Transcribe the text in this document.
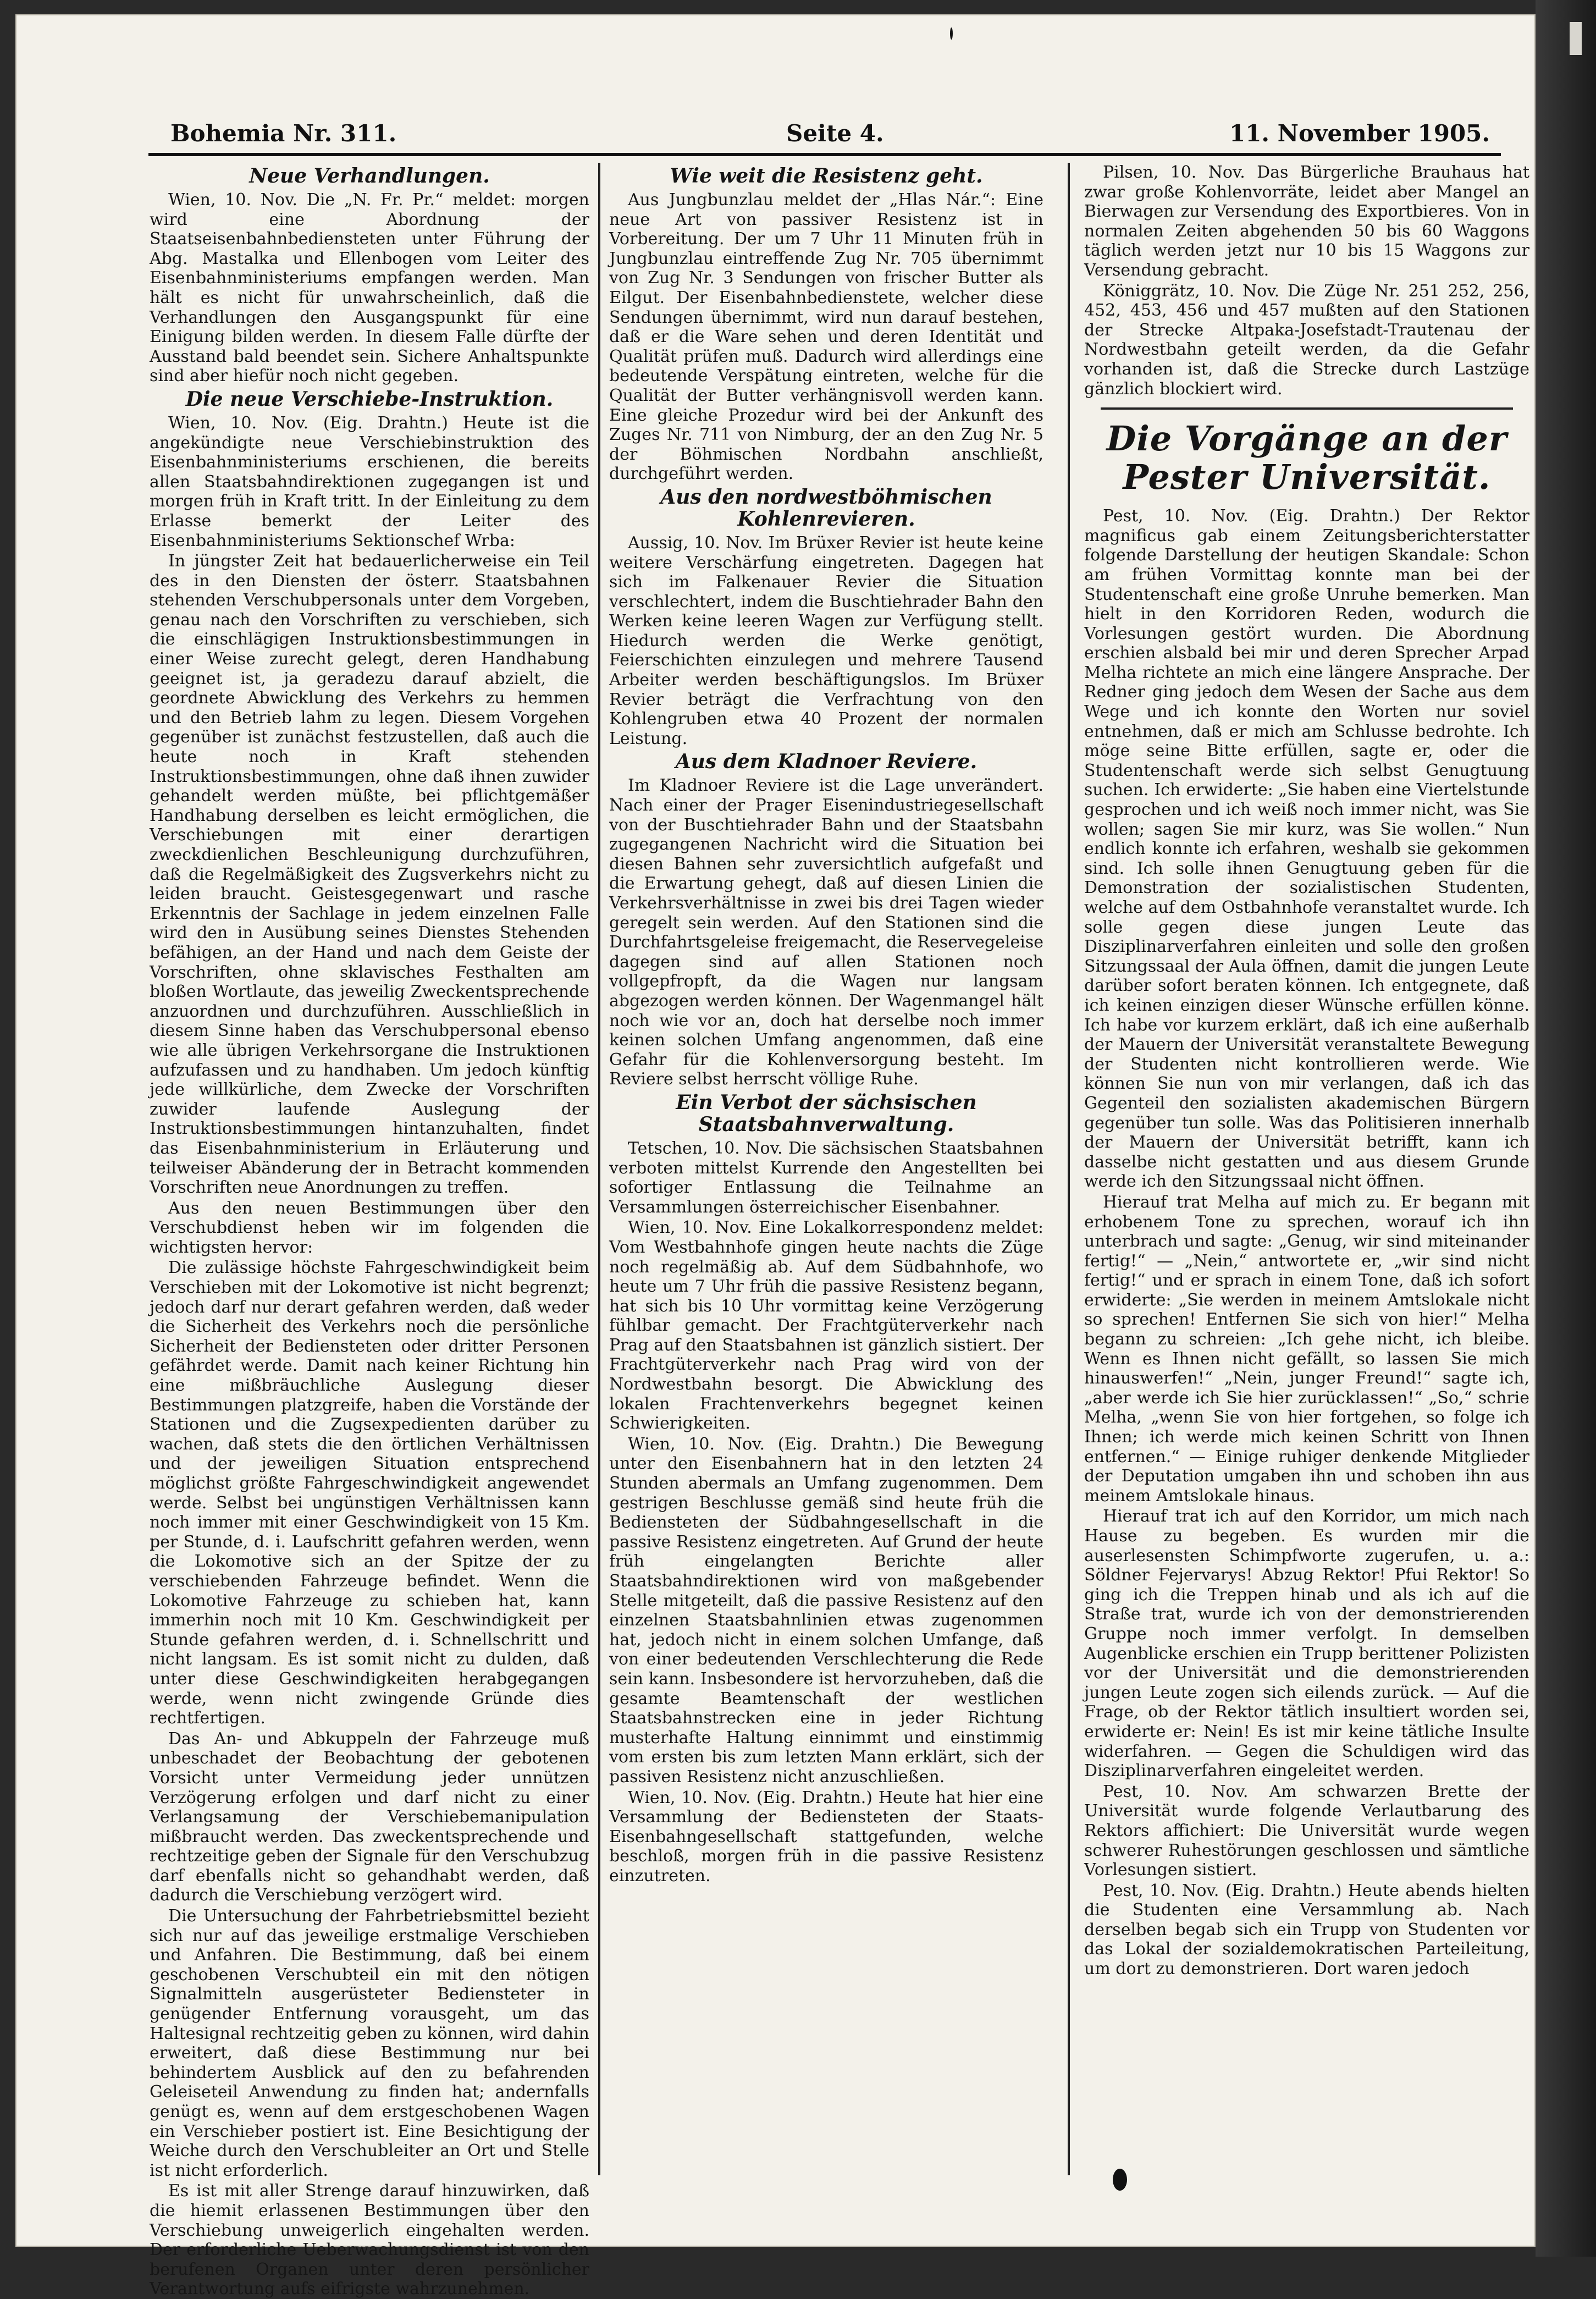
Bohemia Nr. 311.	Seite 4.	11. November 1905.
Neue Verhandlungen.

Wien, 10. Nov. Die „N. Fr. Pr.“ meldet: morgen wird eine Abordnung der Staatseisenbahnbediensteten unter Führung der Abg. Mastalka und Ellenbogen vom Leiter des Eisenbahnministeriums empfangen werden. Man hält es nicht für unwahrscheinlich, daß die Verhandlungen den Ausgangspunkt für eine Einigung bilden werden. In diesem Falle dürfte der Ausstand bald beendet sein. Sichere Anhaltspunkte sind aber hiefür noch nicht gegeben.

Die neue Verschiebe-Instruktion.

Wien, 10. Nov. (Eig. Drahtn.) Heute ist die angekündigte neue Verschiebinstruktion des Eisenbahnministeriums erschienen, die bereits allen Staatsbahndirektionen zugegangen ist und morgen früh in Kraft tritt. In der Einleitung zu dem Erlasse bemerkt der Leiter des Eisenbahnministeriums Sektionschef Wrba:

In jüngster Zeit hat bedauerlicherweise ein Teil des in den Diensten der österr. Staatsbahnen stehenden Verschubpersonals unter dem Vorgeben, genau nach den Vorschriften zu verschieben, sich die einschlägigen Instruktionsbestimmungen in einer Weise zurecht gelegt, deren Handhabung geeignet ist, ja geradezu darauf abzielt, die geordnete Abwicklung des Verkehrs zu hemmen und den Betrieb lahm zu legen. Diesem Vorgehen gegenüber ist zunächst festzustellen, daß auch die heute noch in Kraft stehenden Instruktionsbestimmungen, ohne daß ihnen zuwider gehandelt werden müßte, bei pflichtgemäßer Handhabung derselben es leicht ermöglichen, die Verschiebungen mit einer derartigen zweckdienlichen Beschleunigung durchzuführen, daß die Regelmäßigkeit des Zugsverkehrs nicht zu leiden braucht. Geistesgegenwart und rasche Erkenntnis der Sachlage in jedem einzelnen Falle wird den in Ausübung seines Dienstes Stehenden befähigen, an der Hand und nach dem Geiste der Vorschriften, ohne sklavisches Festhalten am bloßen Wortlaute, das jeweilig Zweckentsprechende anzuordnen und durchzuführen. Ausschließlich in diesem Sinne haben das Verschubpersonal ebenso wie alle übrigen Verkehrsorgane die Instruktionen aufzufassen und zu handhaben. Um jedoch künftig jede willkürliche, dem Zwecke der Vorschriften zuwider laufende Auslegung der Instruktionsbestimmungen hintanzuhalten, findet das Eisenbahnministerium in Erläuterung und teilweiser Abänderung der in Betracht kommenden Vorschriften neue Anordnungen zu treffen.

Aus den neuen Bestimmungen über den Verschubdienst heben wir im folgenden die wichtigsten hervor:

Die zulässige höchste Fahrgeschwindigkeit beim Verschieben mit der Lokomotive ist nicht begrenzt; jedoch darf nur derart gefahren werden, daß weder die Sicherheit des Verkehrs noch die persönliche Sicherheit der Bediensteten oder dritter Personen gefährdet werde. Damit nach keiner Richtung hin eine mißbräuchliche Auslegung dieser Bestimmungen platzgreife, haben die Vorstände der Stationen und die Zugsexpedienten darüber zu wachen, daß stets die den örtlichen Verhältnissen und der jeweiligen Situation entsprechend möglichst größte Fahrgeschwindigkeit angewendet werde. Selbst bei ungünstigen Verhältnissen kann noch immer mit einer Geschwindigkeit von 15 Km. per Stunde, d. i. Laufschritt gefahren werden, wenn die Lokomotive sich an der Spitze der zu verschiebenden Fahrzeuge befindet. Wenn die Lokomotive Fahrzeuge zu schieben hat, kann immerhin noch mit 10 Km. Geschwindigkeit per Stunde gefahren werden, d. i. Schnellschritt und nicht langsam. Es ist somit nicht zu dulden, daß unter diese Geschwindigkeiten herabgegangen werde, wenn nicht zwingende Gründe dies rechtfertigen.

Das An- und Abkuppeln der Fahrzeuge muß unbeschadet der Beobachtung der gebotenen Vorsicht unter Vermeidung jeder unnützen Verzögerung erfolgen und darf nicht zu einer Verlangsamung der Verschiebemanipulation mißbraucht werden. Das zweckentsprechende und rechtzeitige geben der Signale für den Verschubzug darf ebenfalls nicht so gehandhabt werden, daß dadurch die Verschiebung verzögert wird.

Die Untersuchung der Fahrbetriebsmittel bezieht sich nur auf das jeweilige erstmalige Verschieben und Anfahren. Die Bestimmung, daß bei einem geschobenen Verschubteil ein mit den nötigen Signalmitteln ausgerüsteter Bediensteter in genügender Entfernung vorausgeht, um das Haltesignal rechtzeitig geben zu können, wird dahin erweitert, daß diese Bestimmung nur bei behindertem Ausblick auf den zu befahrenden Geleiseteil Anwendung zu finden hat; andernfalls genügt es, wenn auf dem erstgeschobenen Wagen ein Verschieber postiert ist. Eine Besichtigung der Weiche durch den Verschubleiter an Ort und Stelle ist nicht erforderlich.

Es ist mit aller Strenge darauf hinzuwirken, daß die hiemit erlassenen Bestimmungen über den Verschiebung unweigerlich eingehalten werden. Der erforderliche Ueberwachungsdienst ist von den berufenen Organen unter deren persönlicher Verantwortung aufs eifrigste wahrzunehmen.

Wie weit die Resistenz geht.

Aus Jungbunzlau meldet der „Hlas Nár.“: Eine neue Art von passiver Resistenz ist in Vorbereitung. Der um 7 Uhr 11 Minuten früh in Jungbunzlau eintreffende Zug Nr. 705 übernimmt von Zug Nr. 3 Sendungen von frischer Butter als Eilgut. Der Eisenbahnbedienstete, welcher diese Sendungen übernimmt, wird nun darauf bestehen, daß er die Ware sehen und deren Identität und Qualität prüfen muß. Dadurch wird allerdings eine bedeutende Verspätung eintreten, welche für die Qualität der Butter verhängnisvoll werden kann. Eine gleiche Prozedur wird bei der Ankunft des Zuges Nr. 711 von Nimburg, der an den Zug Nr. 5 der Böhmischen Nordbahn anschließt, durchgeführt werden.

Aus den nordwestböhmischen Kohlenrevieren.

Aussig, 10. Nov. Im Brüxer Revier ist heute keine weitere Verschärfung eingetreten. Dagegen hat sich im Falkenauer Revier die Situation verschlechtert, indem die Buschtiehrader Bahn den Werken keine leeren Wagen zur Verfügung stellt. Hiedurch werden die Werke genötigt, Feierschichten einzulegen und mehrere Tausend Arbeiter werden beschäftigungslos. Im Brüxer Revier beträgt die Verfrachtung von den Kohlengruben etwa 40 Prozent der normalen Leistung.

Aus dem Kladnoer Reviere.

Im Kladnoer Reviere ist die Lage unverändert. Nach einer der Prager Eisenindustriegesellschaft von der Buschtiehrader Bahn und der Staatsbahn zugegangenen Nachricht wird die Situation bei diesen Bahnen sehr zuversichtlich aufgefaßt und die Erwartung gehegt, daß auf diesen Linien die Verkehrsverhältnisse in zwei bis drei Tagen wieder geregelt sein werden. Auf den Stationen sind die Durchfahrtsgeleise freigemacht, die Reservegeleise dagegen sind auf allen Stationen noch vollgepfropft, da die Wagen nur langsam abgezogen werden können. Der Wagenmangel hält noch wie vor an, doch hat derselbe noch immer keinen solchen Umfang angenommen, daß eine Gefahr für die Kohlenversorgung besteht. Im Reviere selbst herrscht völlige Ruhe.

Ein Verbot der sächsischen Staatsbahnverwaltung.

Tetschen, 10. Nov. Die sächsischen Staatsbahnen verboten mittelst Kurrende den Angestellten bei sofortiger Entlassung die Teilnahme an Versammlungen österreichischer Eisenbahner.

Wien, 10. Nov. Eine Lokalkorrespondenz meldet: Vom Westbahnhofe gingen heute nachts die Züge noch regelmäßig ab. Auf dem Südbahnhofe, wo heute um 7 Uhr früh die passive Resistenz begann, hat sich bis 10 Uhr vormittag keine Verzögerung fühlbar gemacht. Der Frachtgüterverkehr nach Prag auf den Staatsbahnen ist gänzlich sistiert. Der Frachtgüterverkehr nach Prag wird von der Nordwestbahn besorgt. Die Abwicklung des lokalen Frachtenverkehrs begegnet keinen Schwierigkeiten.

Wien, 10. Nov. (Eig. Drahtn.) Die Bewegung unter den Eisenbahnern hat in den letzten 24 Stunden abermals an Umfang zugenommen. Dem gestrigen Beschlusse gemäß sind heute früh die Bediensteten der Südbahngesellschaft in die passive Resistenz eingetreten. Auf Grund der heute früh eingelangten Berichte aller Staatsbahndirektionen wird von maßgebender Stelle mitgeteilt, daß die passive Resistenz auf den einzelnen Staatsbahnlinien etwas zugenommen hat, jedoch nicht in einem solchen Umfange, daß von einer bedeutenden Verschlechterung die Rede sein kann. Insbesondere ist hervorzuheben, daß die gesamte Beamtenschaft der westlichen Staatsbahnstrecken eine in jeder Richtung musterhafte Haltung einnimmt und einstimmig vom ersten bis zum letzten Mann erklärt, sich der passiven Resistenz nicht anzuschließen.

Wien, 10. Nov. (Eig. Drahtn.) Heute hat hier eine Versammlung der Bediensteten der Staats-Eisenbahngesellschaft stattgefunden, welche beschloß, morgen früh in die passive Resistenz einzutreten.

Pilsen, 10. Nov. Das Bürgerliche Brauhaus hat zwar große Kohlenvorräte, leidet aber Mangel an Bierwagen zur Versendung des Exportbieres. Von in normalen Zeiten abgehenden 50 bis 60 Waggons täglich werden jetzt nur 10 bis 15 Waggons zur Versendung gebracht.

Königgrätz, 10. Nov. Die Züge Nr. 251 252, 256, 452, 453, 456 und 457 mußten auf den Stationen der Strecke Altpaka-Josefstadt-Trautenau der Nordwestbahn geteilt werden, da die Gefahr vorhanden ist, daß die Strecke durch Lastzüge gänzlich blockiert wird.

Die Vorgänge an der Pester Universität.

Pest, 10. Nov. (Eig. Drahtn.) Der Rektor magnificus gab einem Zeitungsberichterstatter folgende Darstellung der heutigen Skandale: Schon am frühen Vormittag konnte man bei der Studentenschaft eine große Unruhe bemerken. Man hielt in den Korridoren Reden, wodurch die Vorlesungen gestört wurden. Die Abordnung erschien alsbald bei mir und deren Sprecher Arpad Melha richtete an mich eine längere Ansprache. Der Redner ging jedoch dem Wesen der Sache aus dem Wege und ich konnte den Worten nur soviel entnehmen, daß er mich am Schlusse bedrohte. Ich möge seine Bitte erfüllen, sagte er, oder die Studentenschaft werde sich selbst Genugtuung suchen. Ich erwiderte: „Sie haben eine Viertelstunde gesprochen und ich weiß noch immer nicht, was Sie wollen; sagen Sie mir kurz, was Sie wollen.“ Nun endlich konnte ich erfahren, weshalb sie gekommen sind. Ich solle ihnen Genugtuung geben für die Demonstration der sozialistischen Studenten, welche auf dem Ostbahnhofe veranstaltet wurde. Ich solle gegen diese jungen Leute das Disziplinarverfahren einleiten und solle den großen Sitzungssaal der Aula öffnen, damit die jungen Leute darüber sofort beraten können. Ich entgegnete, daß ich keinen einzigen dieser Wünsche erfüllen könne. Ich habe vor kurzem erklärt, daß ich eine außerhalb der Mauern der Universität veranstaltete Bewegung der Studenten nicht kontrollieren werde. Wie können Sie nun von mir verlangen, daß ich das Gegenteil den sozialisten akademischen Bürgern gegenüber tun solle. Was das Politisieren innerhalb der Mauern der Universität betrifft, kann ich dasselbe nicht gestatten und aus diesem Grunde werde ich den Sitzungssaal nicht öffnen.

Hierauf trat Melha auf mich zu. Er begann mit erhobenem Tone zu sprechen, worauf ich ihn unterbrach und sagte: „Genug, wir sind miteinander fertig!“ — „Nein,“ antwortete er, „wir sind nicht fertig!“ und er sprach in einem Tone, daß ich sofort erwiderte: „Sie werden in meinem Amtslokale nicht so sprechen! Entfernen Sie sich von hier!“ Melha begann zu schreien: „Ich gehe nicht, ich bleibe. Wenn es Ihnen nicht gefällt, so lassen Sie mich hinauswerfen!“ „Nein, junger Freund!“ sagte ich, „aber werde ich Sie hier zurücklassen!“ „So,“ schrie Melha, „wenn Sie von hier fortgehen, so folge ich Ihnen; ich werde mich keinen Schritt von Ihnen entfernen.“ — Einige ruhiger denkende Mitglieder der Deputation umgaben ihn und schoben ihn aus meinem Amtslokale hinaus.

Hierauf trat ich auf den Korridor, um mich nach Hause zu begeben. Es wurden mir die auserlesensten Schimpfworte zugerufen, u. a.: Söldner Fejervarys! Abzug Rektor! Pfui Rektor! So ging ich die Treppen hinab und als ich auf die Straße trat, wurde ich von der demonstrierenden Gruppe noch immer verfolgt. In demselben Augenblicke erschien ein Trupp berittener Polizisten vor der Universität und die demonstrierenden jungen Leute zogen sich eilends zurück. — Auf die Frage, ob der Rektor tätlich insultiert worden sei, erwiderte er: Nein! Es ist mir keine tätliche Insulte widerfahren. — Gegen die Schuldigen wird das Disziplinarverfahren eingeleitet werden.

Pest, 10. Nov. Am schwarzen Brette der Universität wurde folgende Verlautbarung des Rektors affichiert: Die Universität wurde wegen schwerer Ruhestörungen geschlossen und sämtliche Vorlesungen sistiert.

Pest, 10. Nov. (Eig. Drahtn.) Heute abends hielten die Studenten eine Versammlung ab. Nach derselben begab sich ein Trupp von Studenten vor das Lokal der sozialdemokratischen Parteileitung, um dort zu demonstrieren. Dort waren jedoch
